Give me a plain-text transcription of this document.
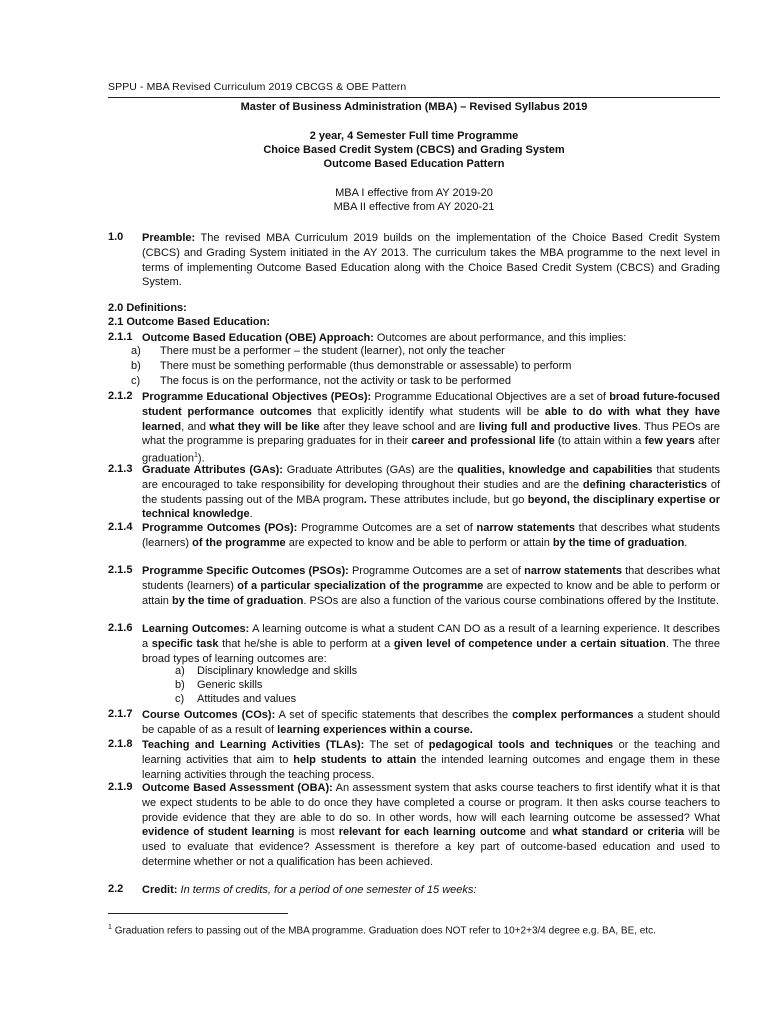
SPPU - MBA Revised Curriculum 2019 CBCGS & OBE Pattern
Master of Business Administration (MBA) – Revised Syllabus 2019
2 year, 4 Semester Full time Programme
Choice Based Credit System (CBCS) and Grading System
Outcome Based Education Pattern
MBA I effective from AY 2019-20
MBA II effective from AY 2020-21
1.0 Preamble: The revised MBA Curriculum 2019 builds on the implementation of the Choice Based Credit System (CBCS) and Grading System initiated in the AY 2013. The curriculum takes the MBA programme to the next level in terms of implementing Outcome Based Education along with the Choice Based Credit System (CBCS) and Grading System.
2.0 Definitions:
2.1 Outcome Based Education:
2.1.1 Outcome Based Education (OBE) Approach: Outcomes are about performance, and this implies:
a) There must be a performer – the student (learner), not only the teacher
b) There must be something performable (thus demonstrable or assessable) to perform
c) The focus is on the performance, not the activity or task to be performed
2.1.2 Programme Educational Objectives (PEOs): Programme Educational Objectives are a set of broad future-focused student performance outcomes that explicitly identify what students will be able to do with what they have learned, and what they will be like after they leave school and are living full and productive lives. Thus PEOs are what the programme is preparing graduates for in their career and professional life (to attain within a few years after graduation$^1$).
2.1.3 Graduate Attributes (GAs): Graduate Attributes (GAs) are the qualities, knowledge and capabilities that students are encouraged to take responsibility for developing throughout their studies and are the defining characteristics of the students passing out of the MBA program. These attributes include, but go beyond, the disciplinary expertise or technical knowledge.
2.1.4 Programme Outcomes (POs): Programme Outcomes are a set of narrow statements that describes what students (learners) of the programme are expected to know and be able to perform or attain by the time of graduation.
2.1.5 Programme Specific Outcomes (PSOs): Programme Outcomes are a set of narrow statements that describes what students (learners) of a particular specialization of the programme are expected to know and be able to perform or attain by the time of graduation. PSOs are also a function of the various course combinations offered by the Institute.
2.1.6 Learning Outcomes: A learning outcome is what a student CAN DO as a result of a learning experience. It describes a specific task that he/she is able to perform at a given level of competence under a certain situation. The three broad types of learning outcomes are:
a) Disciplinary knowledge and skills
b) Generic skills
c) Attitudes and values
2.1.7 Course Outcomes (COs): A set of specific statements that describes the complex performances a student should be capable of as a result of learning experiences within a course.
2.1.8 Teaching and Learning Activities (TLAs): The set of pedagogical tools and techniques or the teaching and learning activities that aim to help students to attain the intended learning outcomes and engage them in these learning activities through the teaching process.
2.1.9 Outcome Based Assessment (OBA): An assessment system that asks course teachers to first identify what it is that we expect students to be able to do once they have completed a course or program. It then asks course teachers to provide evidence that they are able to do so. In other words, how will each learning outcome be assessed? What evidence of student learning is most relevant for each learning outcome and what standard or criteria will be used to evaluate that evidence? Assessment is therefore a key part of outcome-based education and used to determine whether or not a qualification has been achieved.
2.2 Credit: In terms of credits, for a period of one semester of 15 weeks:
$^1$ Graduation refers to passing out of the MBA programme. Graduation does NOT refer to 10+2+3/4 degree e.g. BA, BE, etc.
